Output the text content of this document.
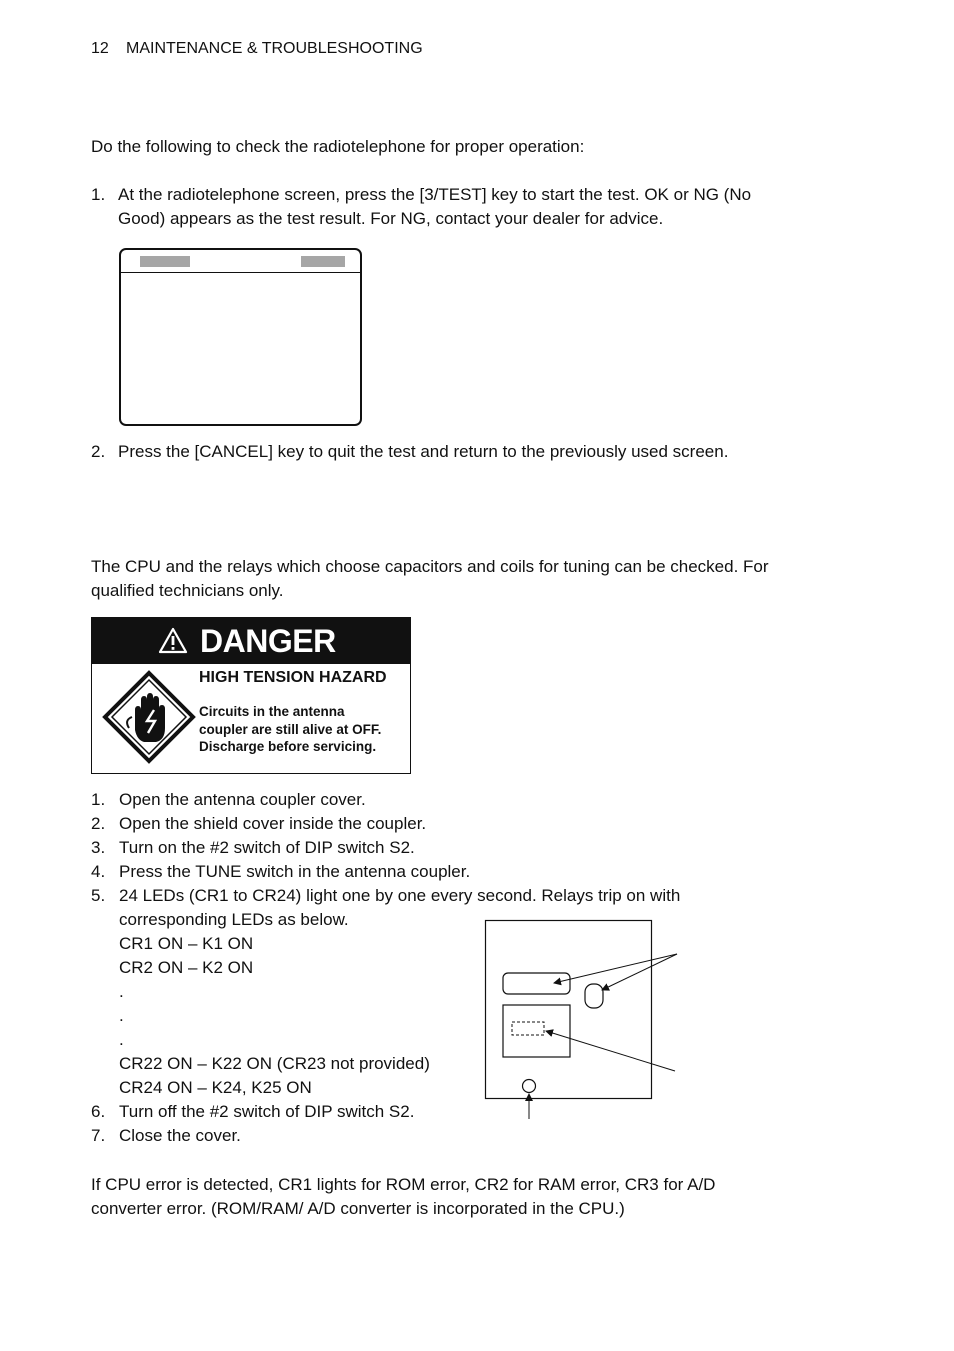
12 MAINTENANCE & TROUBLESHOOTING
Do the following to check the radiotelephone for proper operation:
1. At the radiotelephone screen, press the [3/TEST] key to start the test. OK or NG (No
Good) appears as the test result. For NG, contact your dealer for advice.
2. Press the [CANCEL] key to quit the test and return to the previously used screen.
The CPU and the relays which choose capacitors and coils for tuning can be checked. For
qualified technicians only.
DANGER
HIGH TENSION HAZARD
Circuits in the antenna
coupler are still alive at OFF.
Discharge before servicing.
1. Open the antenna coupler cover.
2. Open the shield cover inside the coupler.
3. Turn on the #2 switch of DIP switch S2.
4. Press the TUNE switch in the antenna coupler.
5. 24 LEDs (CR1 to CR24) light one by one every second. Relays trip on with
corresponding LEDs as below.
CR1 ON – K1 ON
CR2 ON – K2 ON
.
.
.
CR22 ON – K22 ON (CR23 not provided)
CR24 ON – K24, K25 ON
6. Turn off the #2 switch of DIP switch S2.
7. Close the cover.
If CPU error is detected, CR1 lights for ROM error, CR2 for RAM error, CR3 for A/D
converter error. (ROM/RAM/ A/D converter is incorporated in the CPU.)
